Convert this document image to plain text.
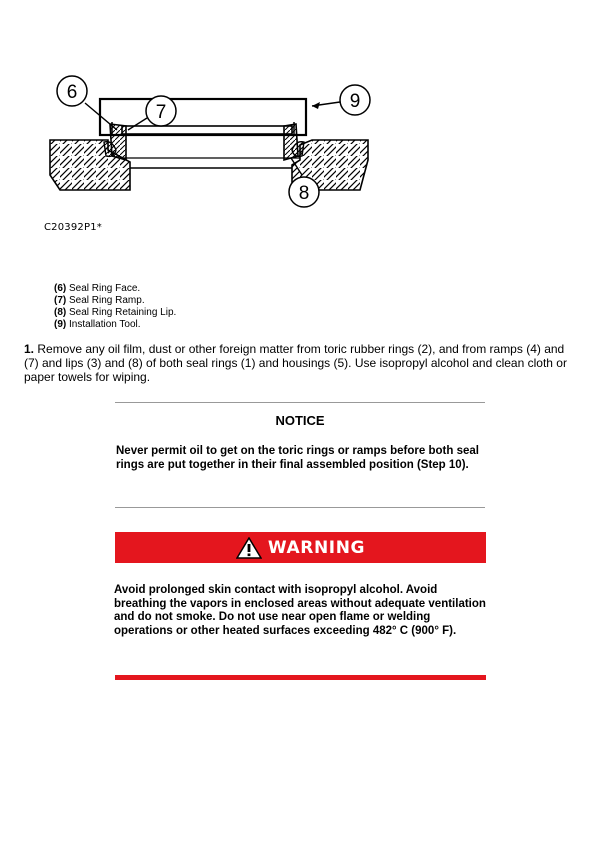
6
7
8
9
C20392P1*
(6) Seal Ring Face.
(7) Seal Ring Ramp.
(8) Seal Ring Retaining Lip.
(9) Installation Tool.
1. Remove any oil film, dust or other foreign matter from toric rubber rings (2), and from ramps (4) and (7) and lips (3) and (8) of both seal rings (1) and housings (5). Use isopropyl alcohol and clean cloth or paper towels for wiping.
NOTICE
Never permit oil to get on the toric rings or ramps before both seal rings are put together in their final assembled position (Step 10).
WARNING
Avoid prolonged skin contact with isopropyl alcohol. Avoid breathing the vapors in enclosed areas without adequate ventilation and do not smoke. Do not use near open flame or welding operations or other heated surfaces exceeding 482° C (900° F).
